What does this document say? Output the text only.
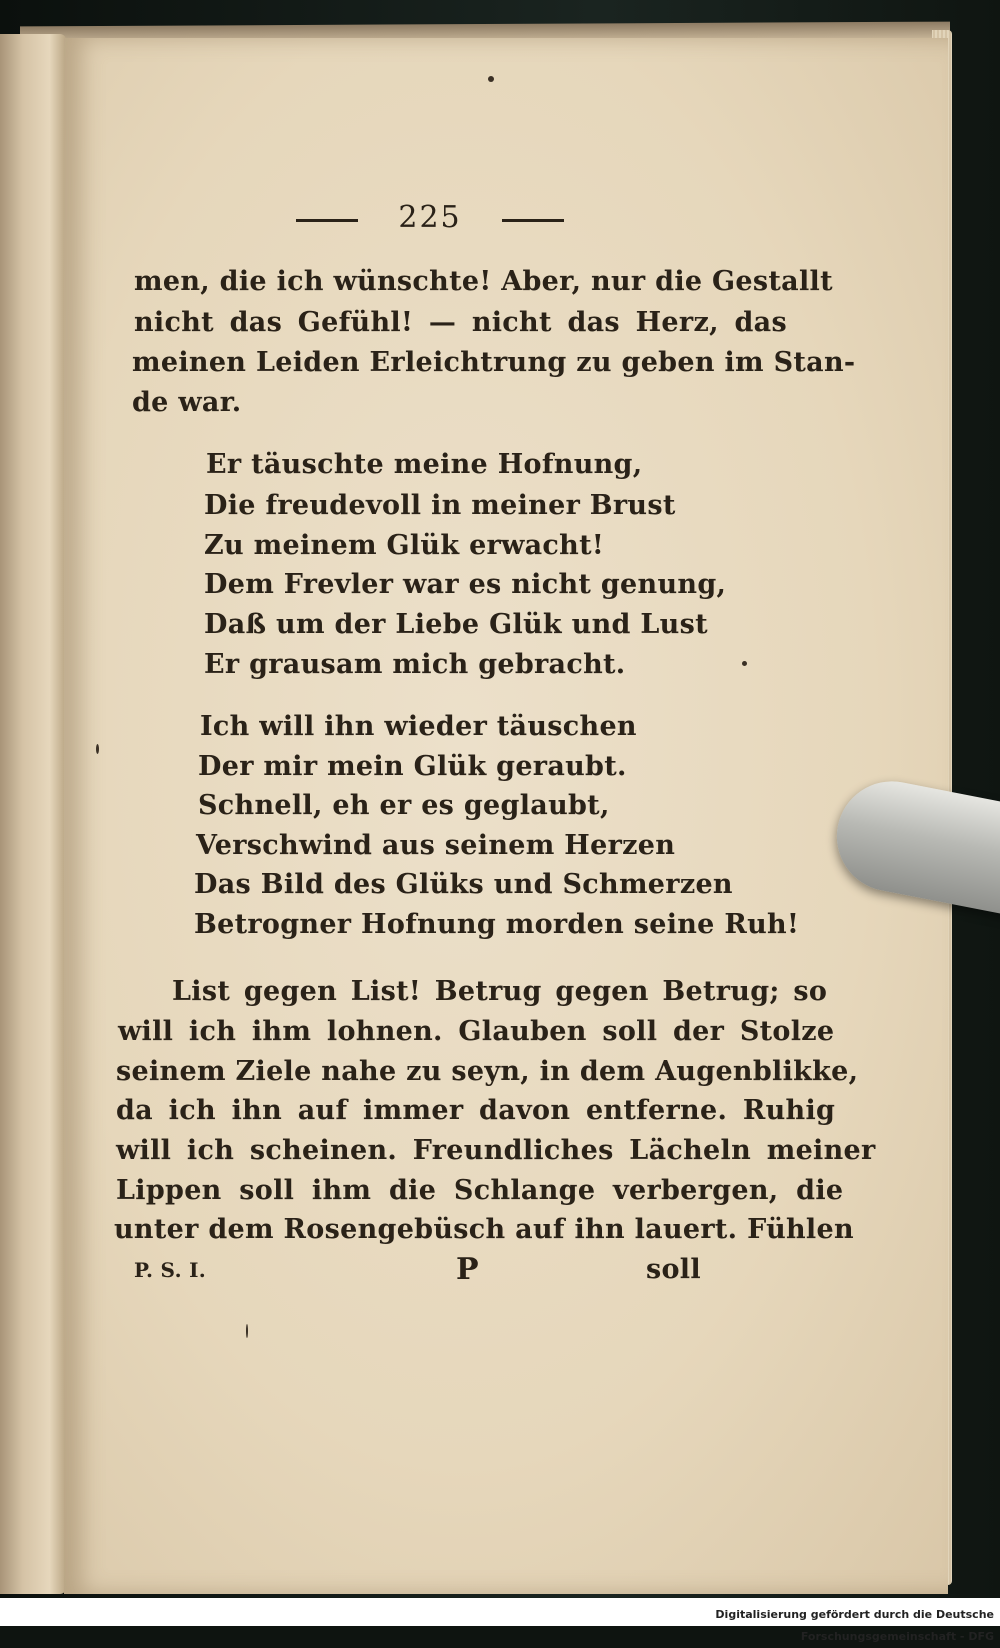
225
men, die ich wünschte! Aber, nur die Gestallt
nicht das Gefühl! — nicht das Herz, das
meinen Leiden Erleichtrung zu geben im Stan-
de war.
Er täuschte meine Hofnung,
Die freudevoll in meiner Brust
Zu meinem Glük erwacht!
Dem Frevler war es nicht genung,
Daß um der Liebe Glük und Lust
Er grausam mich gebracht.
Ich will ihn wieder täuschen
Der mir mein Glük geraubt.
Schnell, eh er es geglaubt,
Verschwind aus seinem Herzen
Das Bild des Glüks und Schmerzen
Betrogner Hofnung morden seine Ruh!
List gegen List! Betrug gegen Betrug; so
will ich ihm lohnen. Glauben soll der Stolze
seinem Ziele nahe zu seyn, in dem Augenblikke,
da ich ihn auf immer davon entferne. Ruhig
will ich scheinen. Freundliches Lächeln meiner
Lippen soll ihm die Schlange verbergen, die
unter dem Rosengebüsch auf ihn lauert. Fühlen
P. S. I.	P	soll
Digitalisierung gefördert durch die Deutsche Forschungsgemeinschaft - DFG
